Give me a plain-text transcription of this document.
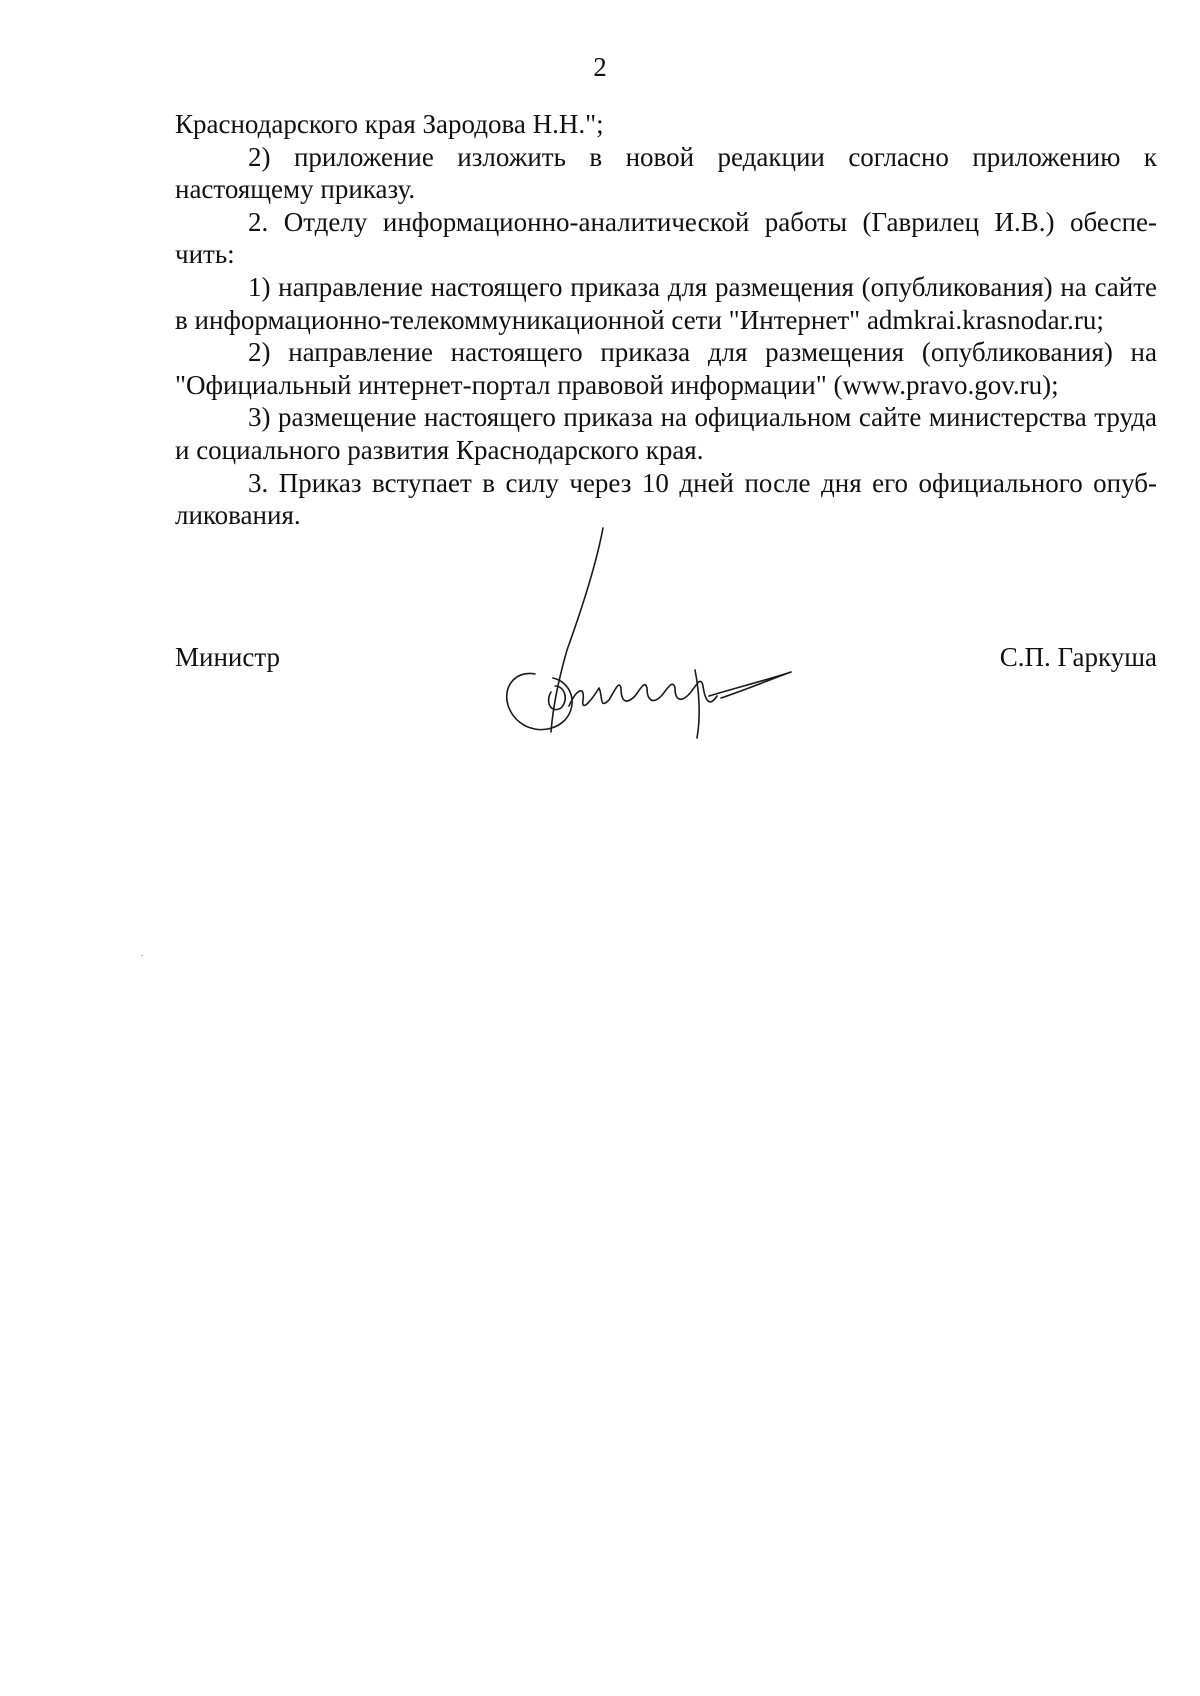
2

Краснодарского края Зародова Н.Н.";

2) приложение изложить в новой редакции согласно приложению к настоящему приказу.

2. Отделу информационно-аналитической работы (Гаврилец И.В.) обеспе-чить:

1) направление настоящего приказа для размещения (опубликования) на сайте в информационно-телекоммуникационной сети "Интернет" admkrai.krasnodar.ru;

2) направление настоящего приказа для размещения (опубликования) на "Официальный интернет-портал правовой информации" (www.pravo.gov.ru);

3) размещение настоящего приказа на официальном сайте министерства труда и социального развития Краснодарского края.

3. Приказ вступает в силу через 10 дней после дня его официального опуб-ликования.

Министр	С.П. Гаркуша
